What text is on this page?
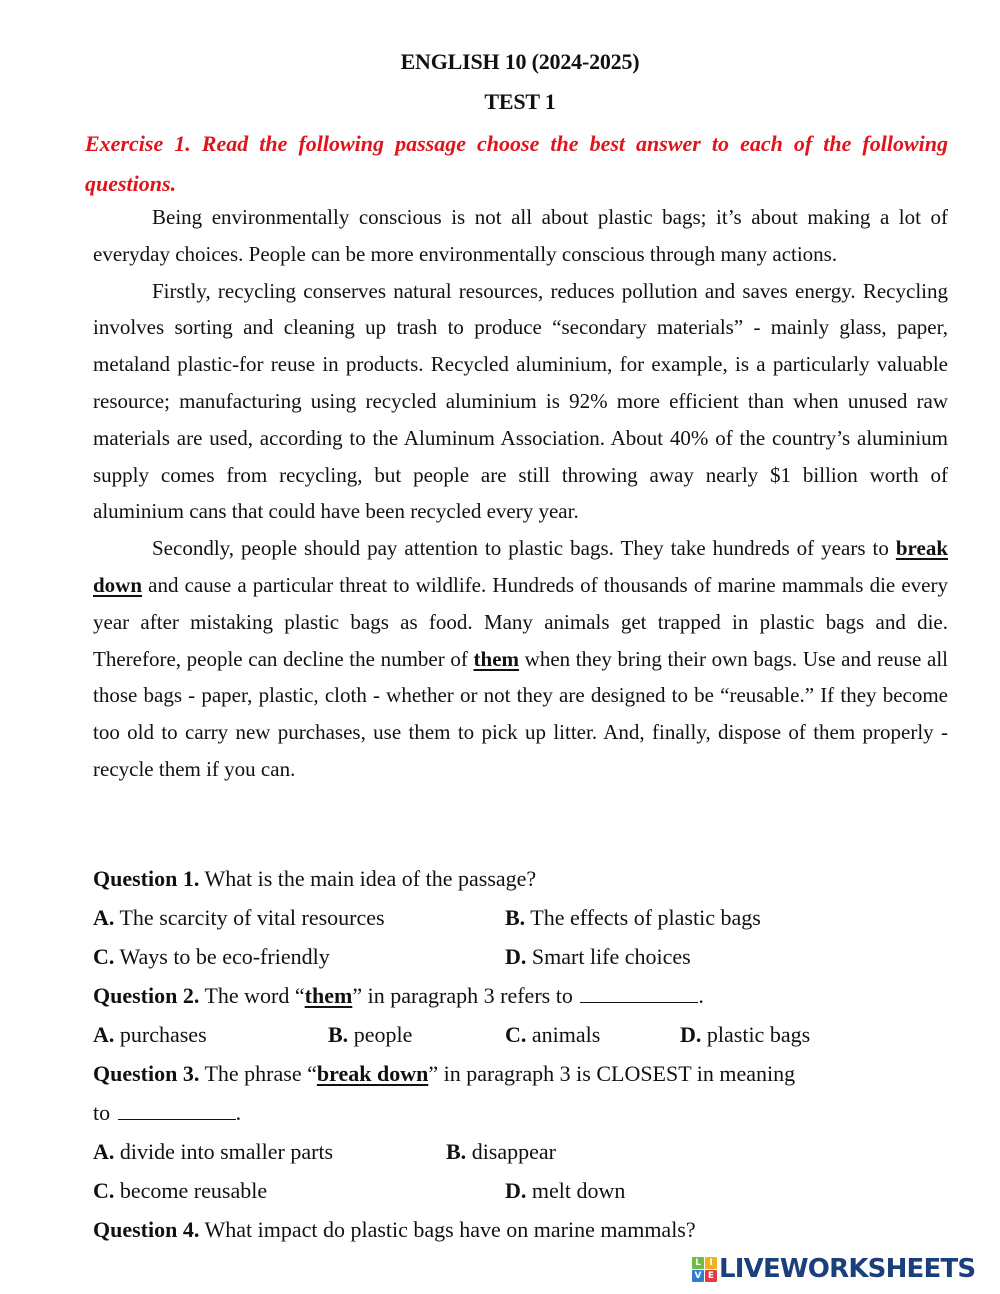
ENGLISH 10 (2024-2025)
TEST 1
Exercise 1. Read the following passage choose the best answer to each of the following questions.

Being environmentally conscious is not all about plastic bags; it’s about making a lot of everyday choices. People can be more environmentally conscious through many actions.

Firstly, recycling conserves natural resources, reduces pollution and saves energy. Recycling involves sorting and cleaning up trash to produce “secondary materials” - mainly glass, paper, metaland plastic-for reuse in products. Recycled aluminium, for example, is a particularly valuable resource; manufacturing using recycled aluminium is 92% more efficient than when unused raw materials are used, according to the Aluminum Association. About 40% of the country’s aluminium supply comes from recycling, but people are still throwing away nearly $1 billion worth of aluminium cans that could have been recycled every year.

Secondly, people should pay attention to plastic bags. They take hundreds of years to break down and cause a particular threat to wildlife. Hundreds of thousands of marine mammals die every year after mistaking plastic bags as food. Many animals get trapped in plastic bags and die. Therefore, people can decline the number of them when they bring their own bags. Use and reuse all those bags - paper, plastic, cloth - whether or not they are designed to be “reusable.” If they become too old to carry new purchases, use them to pick up litter. And, finally, dispose of them properly - recycle them if you can.

Question 1. What is the main idea of the passage?
A. The scarcity of vital resources	B. The effects of plastic bags
C. Ways to be eco-friendly	D. Smart life choices
Question 2. The word “them” in paragraph 3 refers to	.
A. purchases	B. people	C. animals	D. plastic bags
Question 3. The phrase “break down” in paragraph 3 is CLOSEST in meaning
to	.
A. divide into smaller parts	B. disappear
C. become reusable	D. melt down
Question 4. What impact do plastic bags have on marine mammals?
L I
V E LIVEWORKSHEETS
